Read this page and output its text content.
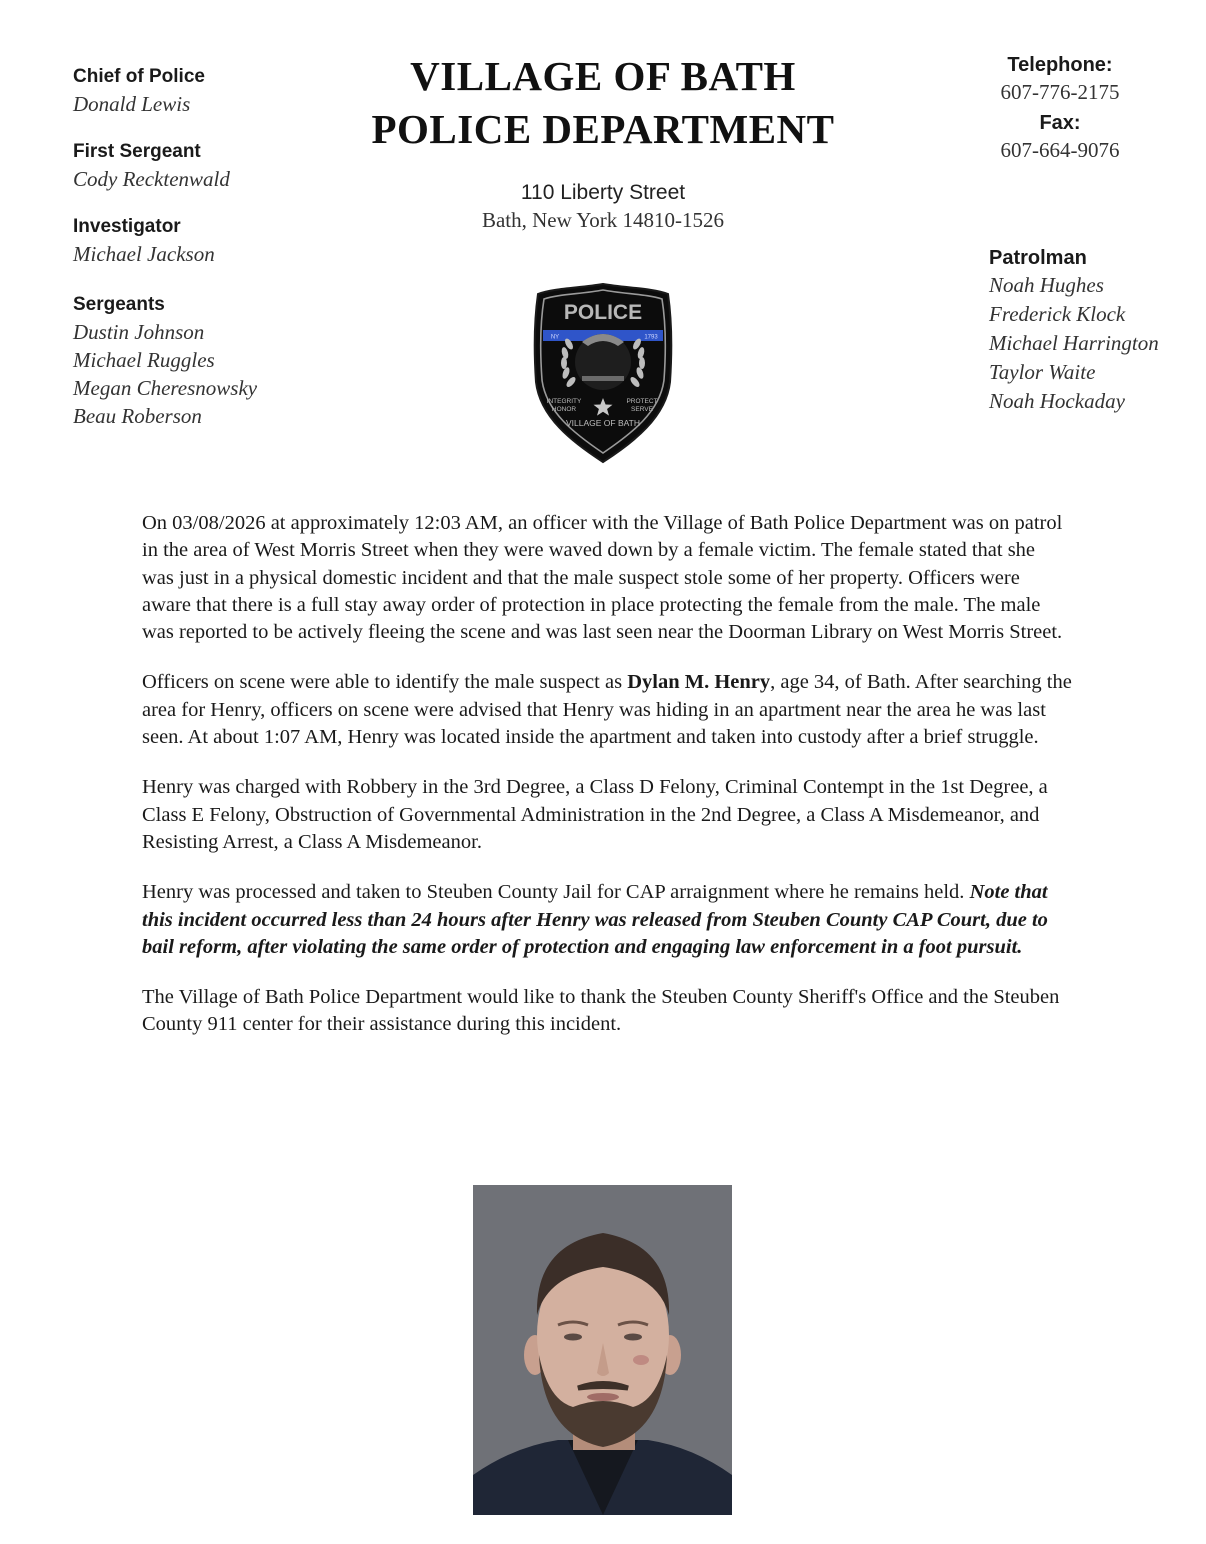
Chief of Police
Donald Lewis
First Sergeant
Cody Recktenwald
Investigator
Michael Jackson
Sergeants
Dustin Johnson
Michael Ruggles
Megan Cheresnowsky
Beau Roberson
VILLAGE OF BATH
POLICE DEPARTMENT
110 Liberty Street
Bath, New York 14810-1526
Telephone:
607-776-2175
Fax:
607-664-9076
Patrolman
Noah Hughes
Frederick Klock
Michael Harrington
Taylor Waite
Noah Hockaday
POLICE
NY	1793
INTEGRITY
HONOR
PROTECT
SERVE
VILLAGE OF BATH

On 03/08/2026 at approximately 12:03 AM, an officer with the Village of Bath Police Department was on patrol in the area of West Morris Street when they were waved down by a female victim. The female stated that she was just in a physical domestic incident and that the male suspect stole some of her property. Officers were aware that there is a full stay away order of protection in place protecting the female from the male. The male was reported to be actively fleeing the scene and was last seen near the Doorman Library on West Morris Street.

Officers on scene were able to identify the male suspect as Dylan M. Henry, age 34, of Bath. After searching the area for Henry, officers on scene were advised that Henry was hiding in an apartment near the area he was last seen. At about 1:07 AM, Henry was located inside the apartment and taken into custody after a brief struggle.

Henry was charged with Robbery in the 3rd Degree, a Class D Felony, Criminal Contempt in the 1st Degree, a Class E Felony, Obstruction of Governmental Administration in the 2nd Degree, a Class A Misdemeanor, and Resisting Arrest, a Class A Misdemeanor.

Henry was processed and taken to Steuben County Jail for CAP arraignment where he remains held. Note that this incident occurred less than 24 hours after Henry was released from Steuben County CAP Court, due to bail reform, after violating the same order of protection and engaging law enforcement in a foot pursuit.

The Village of Bath Police Department would like to thank the Steuben County Sheriff's Office and the Steuben County 911 center for their assistance during this incident.
